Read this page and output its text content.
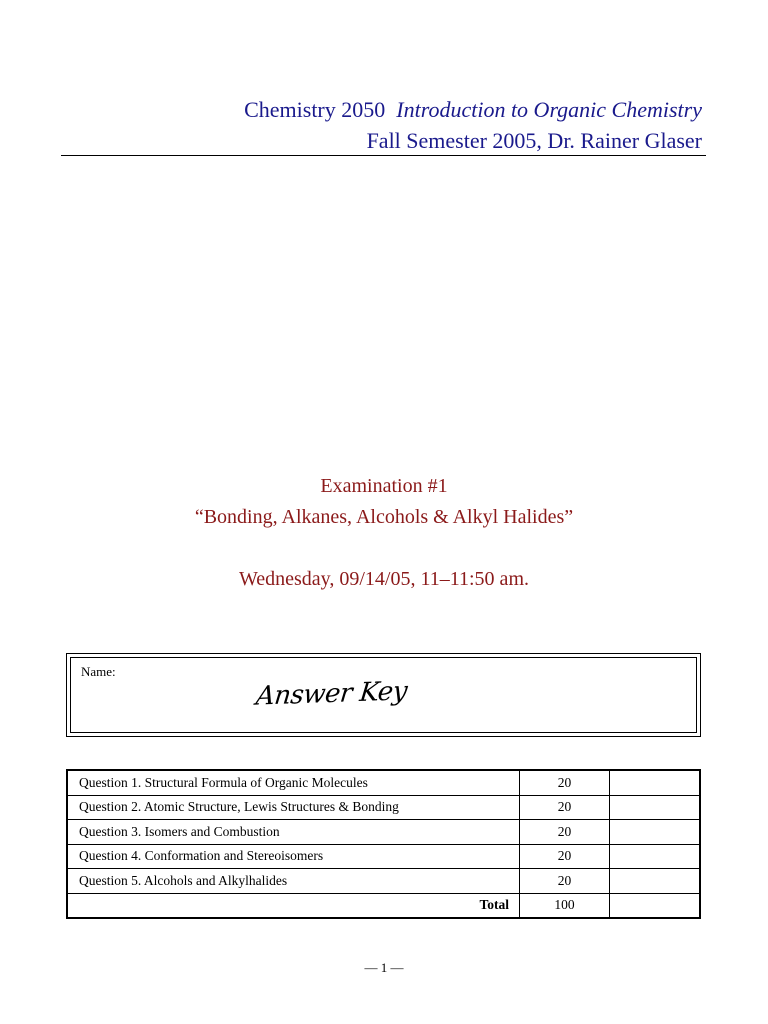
Chemistry 2050 Introduction to Organic Chemistry
Fall Semester 2005, Dr. Rainer Glaser
Examination #1
“Bonding, Alkanes, Alcohols & Alkyl Halides”
Wednesday, 09/14/05, 11–11:50 am.
Name:
Answer Key
Question 1. Structural Formula of Organic Molecules	20	
Question 2. Atomic Structure, Lewis Structures & Bonding	20	
Question 3. Isomers and Combustion	20	
Question 4. Conformation and Stereoisomers	20	
Question 5. Alcohols and Alkylhalides	20	
Total	100	
— 1 —
